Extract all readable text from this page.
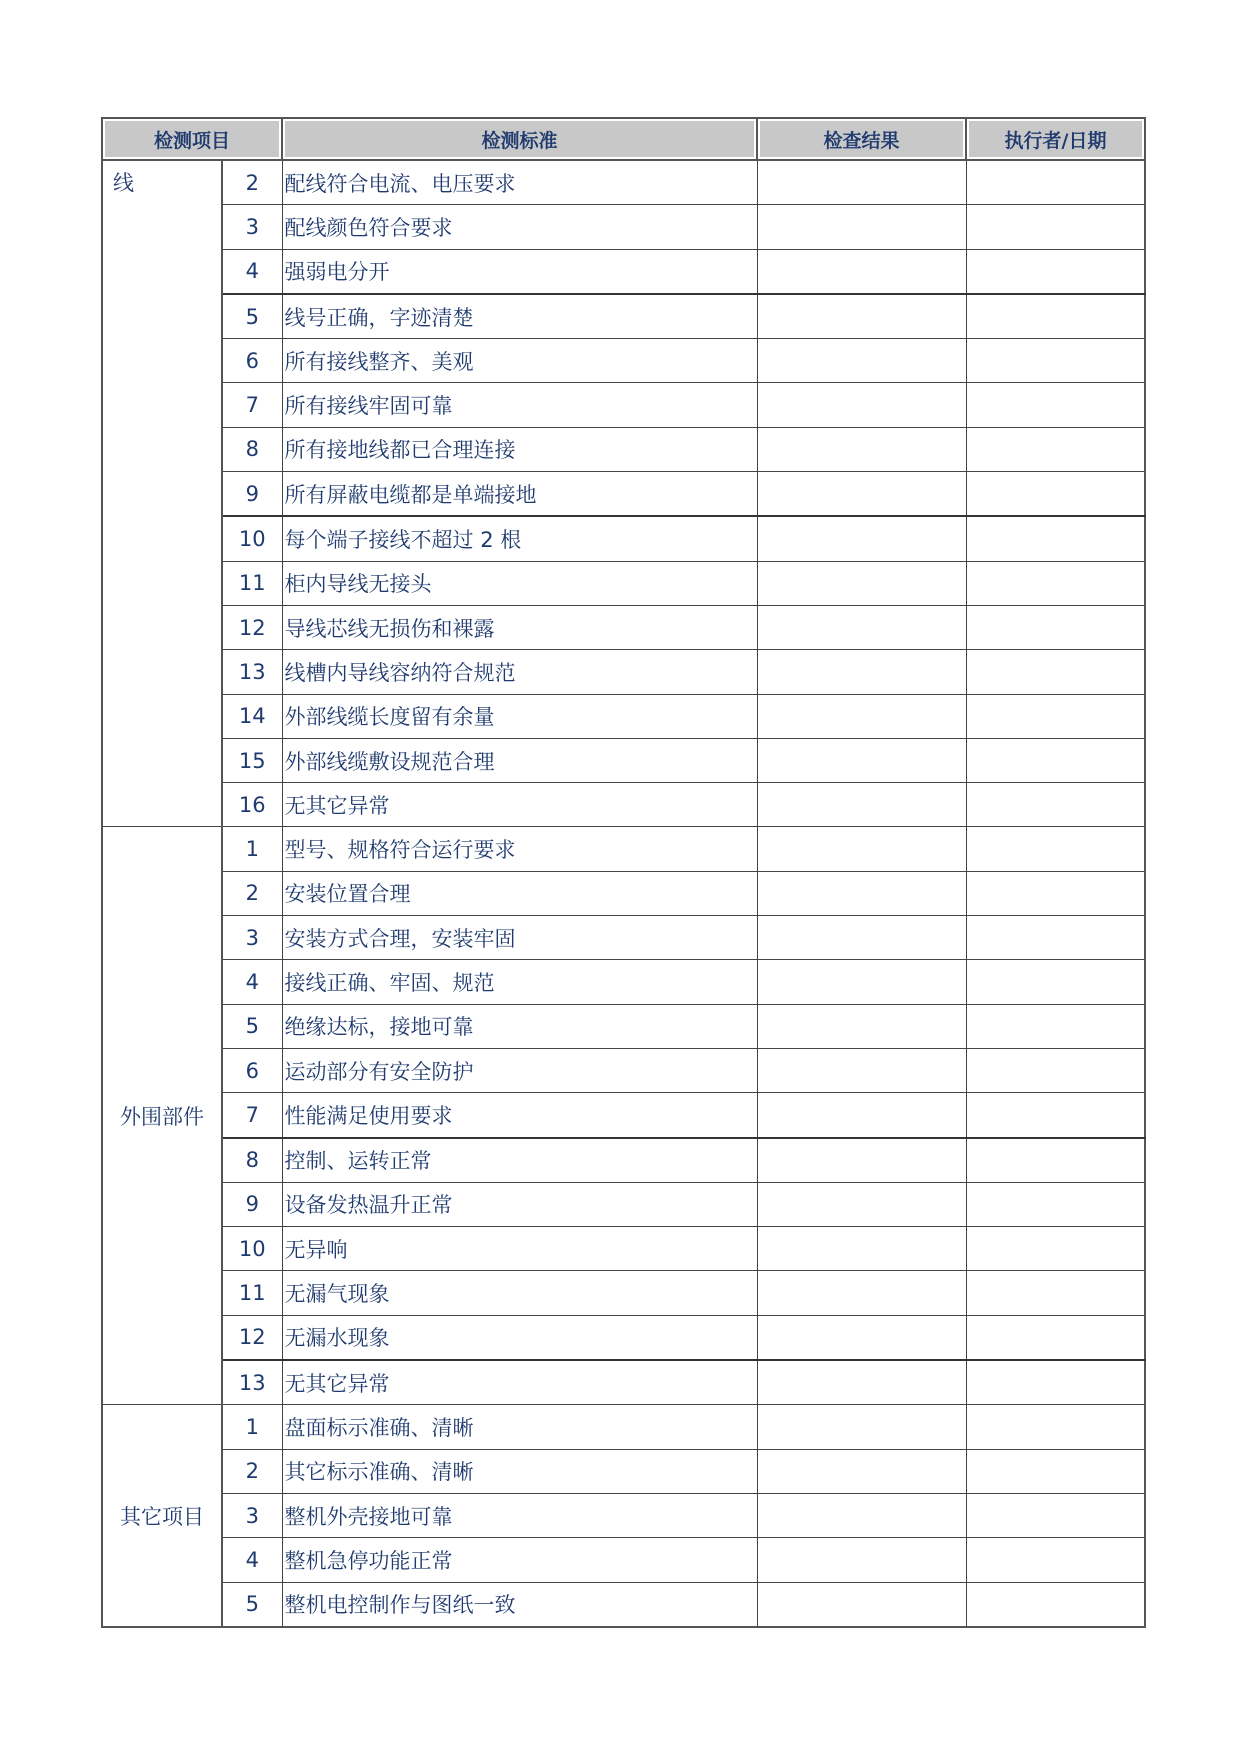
检测项目		检测标准	检查结果	执行者/日期
线	2	配线符合电流、电压要求		
	3	配线颜色符合要求		
	4	强弱电分开		
	5	线号正确，字迹清楚		
	6	所有接线整齐、美观		
	7	所有接线牢固可靠		
	8	所有接地线都已合理连接		
	9	所有屏蔽电缆都是单端接地		
	10	每个端子接线不超过 2 根		
	11	柜内导线无接头		
	12	导线芯线无损伤和裸露		
	13	线槽内导线容纳符合规范		
	14	外部线缆长度留有余量		
	15	外部线缆敷设规范合理		
	16	无其它异常		
外围部件	1	型号、规格符合运行要求		
	2	安装位置合理		
	3	安装方式合理，安装牢固		
	4	接线正确、牢固、规范		
	5	绝缘达标，接地可靠		
	6	运动部分有安全防护		
	7	性能满足使用要求		
	8	控制、运转正常		
	9	设备发热温升正常		
	10	无异响		
	11	无漏气现象		
	12	无漏水现象		
	13	无其它异常		
其它项目	1	盘面标示准确、清晰		
	2	其它标示准确、清晰		
	3	整机外壳接地可靠		
	4	整机急停功能正常		
	5	整机电控制作与图纸一致		
